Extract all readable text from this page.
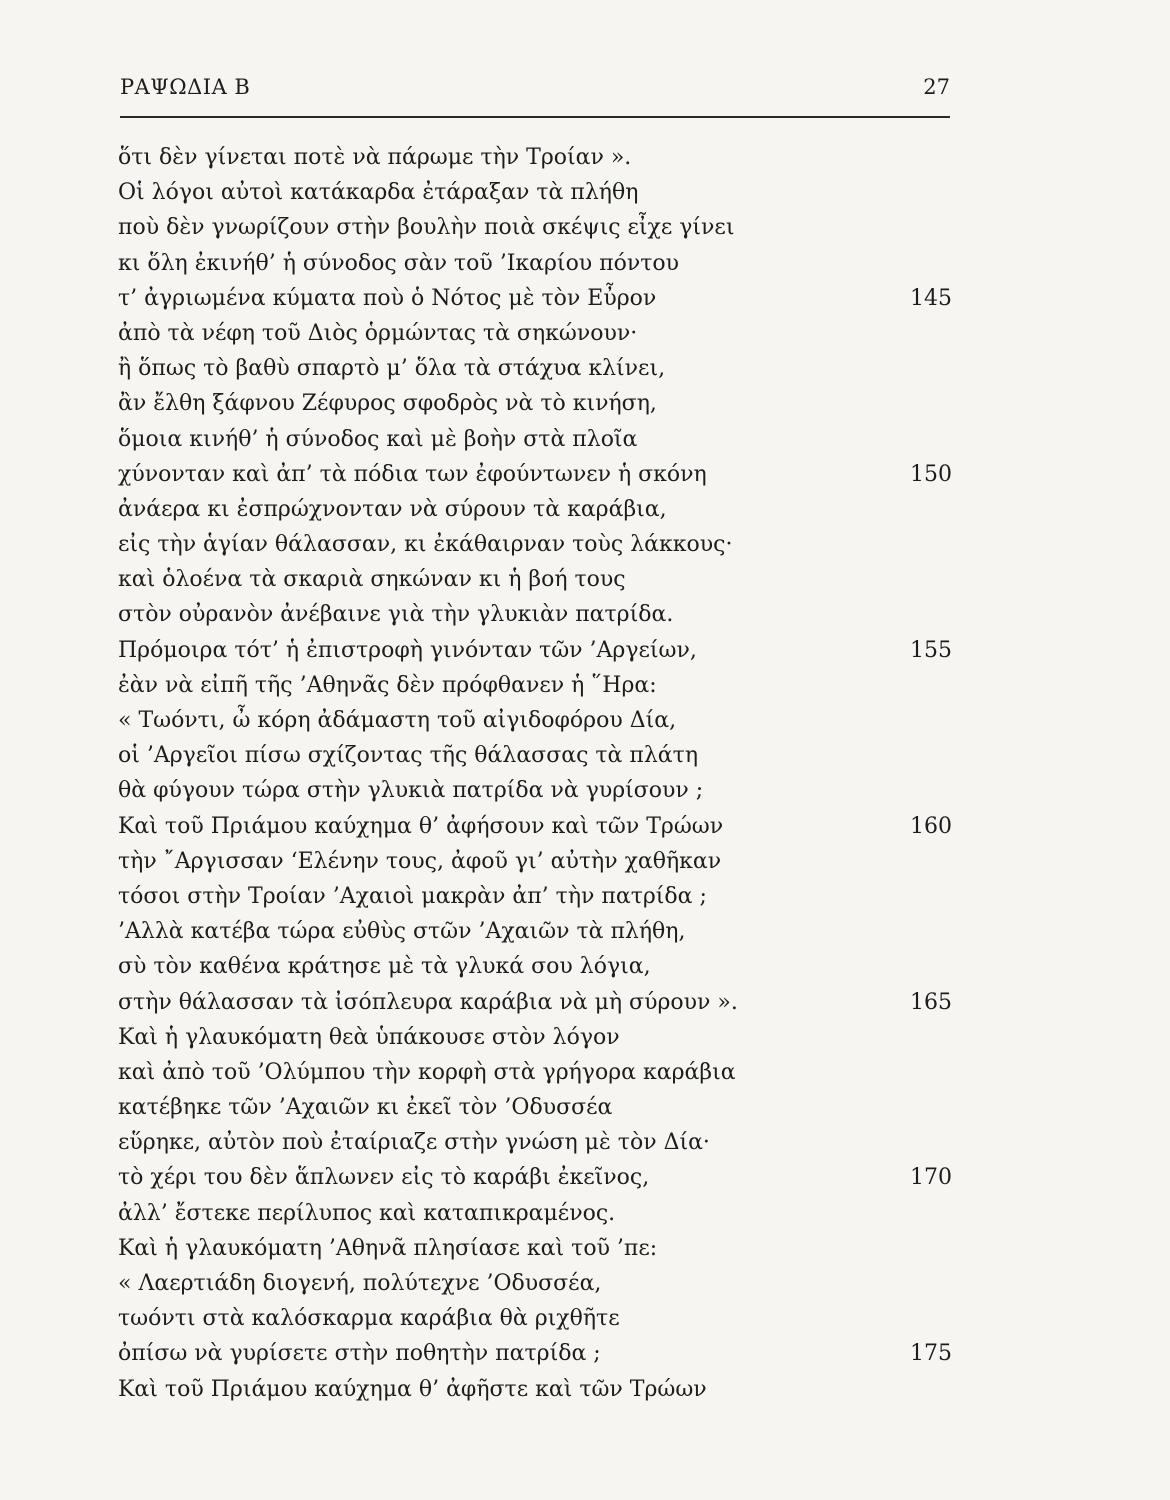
ΡΑΨΩΔΙΑ Β	27
ὅτι δὲν γίνεται ποτὲ νὰ πάρωμε τὴν Τροίαν ».
Οἱ λόγοι αὐτοὶ κατάκαρδα ἐτάραξαν τὰ πλήθη
ποὺ δὲν γνωρίζουν στὴν βουλὴν ποιὰ σκέψις εἶχε γίνει
κι ὅλη ἐκινήθ’ ἡ σύνοδος σὰν τοῦ ’Ικαρίου πόντου
τ’ ἀγριωμένα κύματα ποὺ ὁ Νότος μὲ τὸν Εὖρον	145
ἀπὸ τὰ νέφη τοῦ Διὸς ὁρμώντας τὰ σηκώνουν·
ἢ ὅπως τὸ βαθὺ σπαρτὸ μ’ ὅλα τὰ στάχυα κλίνει,
ἂν ἔλθη ξάφνου Ζέφυρος σφοδρὸς νὰ τὸ κινήση,
ὅμοια κινήθ’ ἡ σύνοδος καὶ μὲ βοὴν στὰ πλοῖα
χύνονταν καὶ ἀπ’ τὰ πόδια των ἐφούντωνεν ἡ σκόνη	150
ἀνάερα κι ἐσπρώχνονταν νὰ σύρουν τὰ καράβια,
εἰς τὴν ἁγίαν θάλασσαν, κι ἐκάθαιρναν τοὺς λάκκους·
καὶ ὁλοένα τὰ σκαριὰ σηκώναν κι ἡ βοή τους
στὸν οὐρανὸν ἀνέβαινε γιὰ τὴν γλυκιὰν πατρίδα.
Πρόμοιρα τότ’ ἡ ἐπιστροφὴ γινόνταν τῶν ’Αργείων,	155
ἐὰν νὰ εἰπῆ τῆς ’Αθηνᾶς δὲν πρόφθανεν ἡ ῞Ηρα:
« Τωόντι, ὦ κόρη ἀδάμαστη τοῦ αἰγιδοφόρου Δία,
οἱ ’Αργεῖοι πίσω σχίζοντας τῆς θάλασσας τὰ πλάτη
θὰ φύγουν τώρα στὴν γλυκιὰ πατρίδα νὰ γυρίσουν ;
Καὶ τοῦ Πριάμου καύχημα θ’ ἀφήσουν καὶ τῶν Τρώων	160
τὴν ῎Αργισσαν ‘Ελένην τους, ἀφοῦ γι’ αὐτὴν χαθῆκαν
τόσοι στὴν Τροίαν ’Αχαιοὶ μακρὰν ἀπ’ τὴν πατρίδα ;
’Αλλὰ κατέβα τώρα εὐθὺς στῶν ’Αχαιῶν τὰ πλήθη,
σὺ τὸν καθένα κράτησε μὲ τὰ γλυκά σου λόγια,
στὴν θάλασσαν τὰ ἰσόπλευρα καράβια νὰ μὴ σύρουν ».	165
Καὶ ἡ γλαυκόματη θεὰ ὑπάκουσε στὸν λόγον
καὶ ἀπὸ τοῦ ’Ολύμπου τὴν κορφὴ στὰ γρήγορα καράβια
κατέβηκε τῶν ’Αχαιῶν κι ἐκεῖ τὸν ’Οδυσσέα
εὕρηκε, αὐτὸν ποὺ ἐταίριαζε στὴν γνώση μὲ τὸν Δία·
τὸ χέρι του δὲν ἅπλωνεν εἰς τὸ καράβι ἐκεῖνος,	170
ἀλλ’ ἔστεκε περίλυπος καὶ καταπικραμένος.
Καὶ ἡ γλαυκόματη ’Αθηνᾶ πλησίασε καὶ τοῦ ’πε:
« Λαερτιάδη διογενή, πολύτεχνε ’Οδυσσέα,
τωόντι στὰ καλόσκαρμα καράβια θὰ ριχθῆτε
ὀπίσω νὰ γυρίσετε στὴν ποθητὴν πατρίδα ;	175
Καὶ τοῦ Πριάμου καύχημα θ’ ἀφῆστε καὶ τῶν Τρώων
